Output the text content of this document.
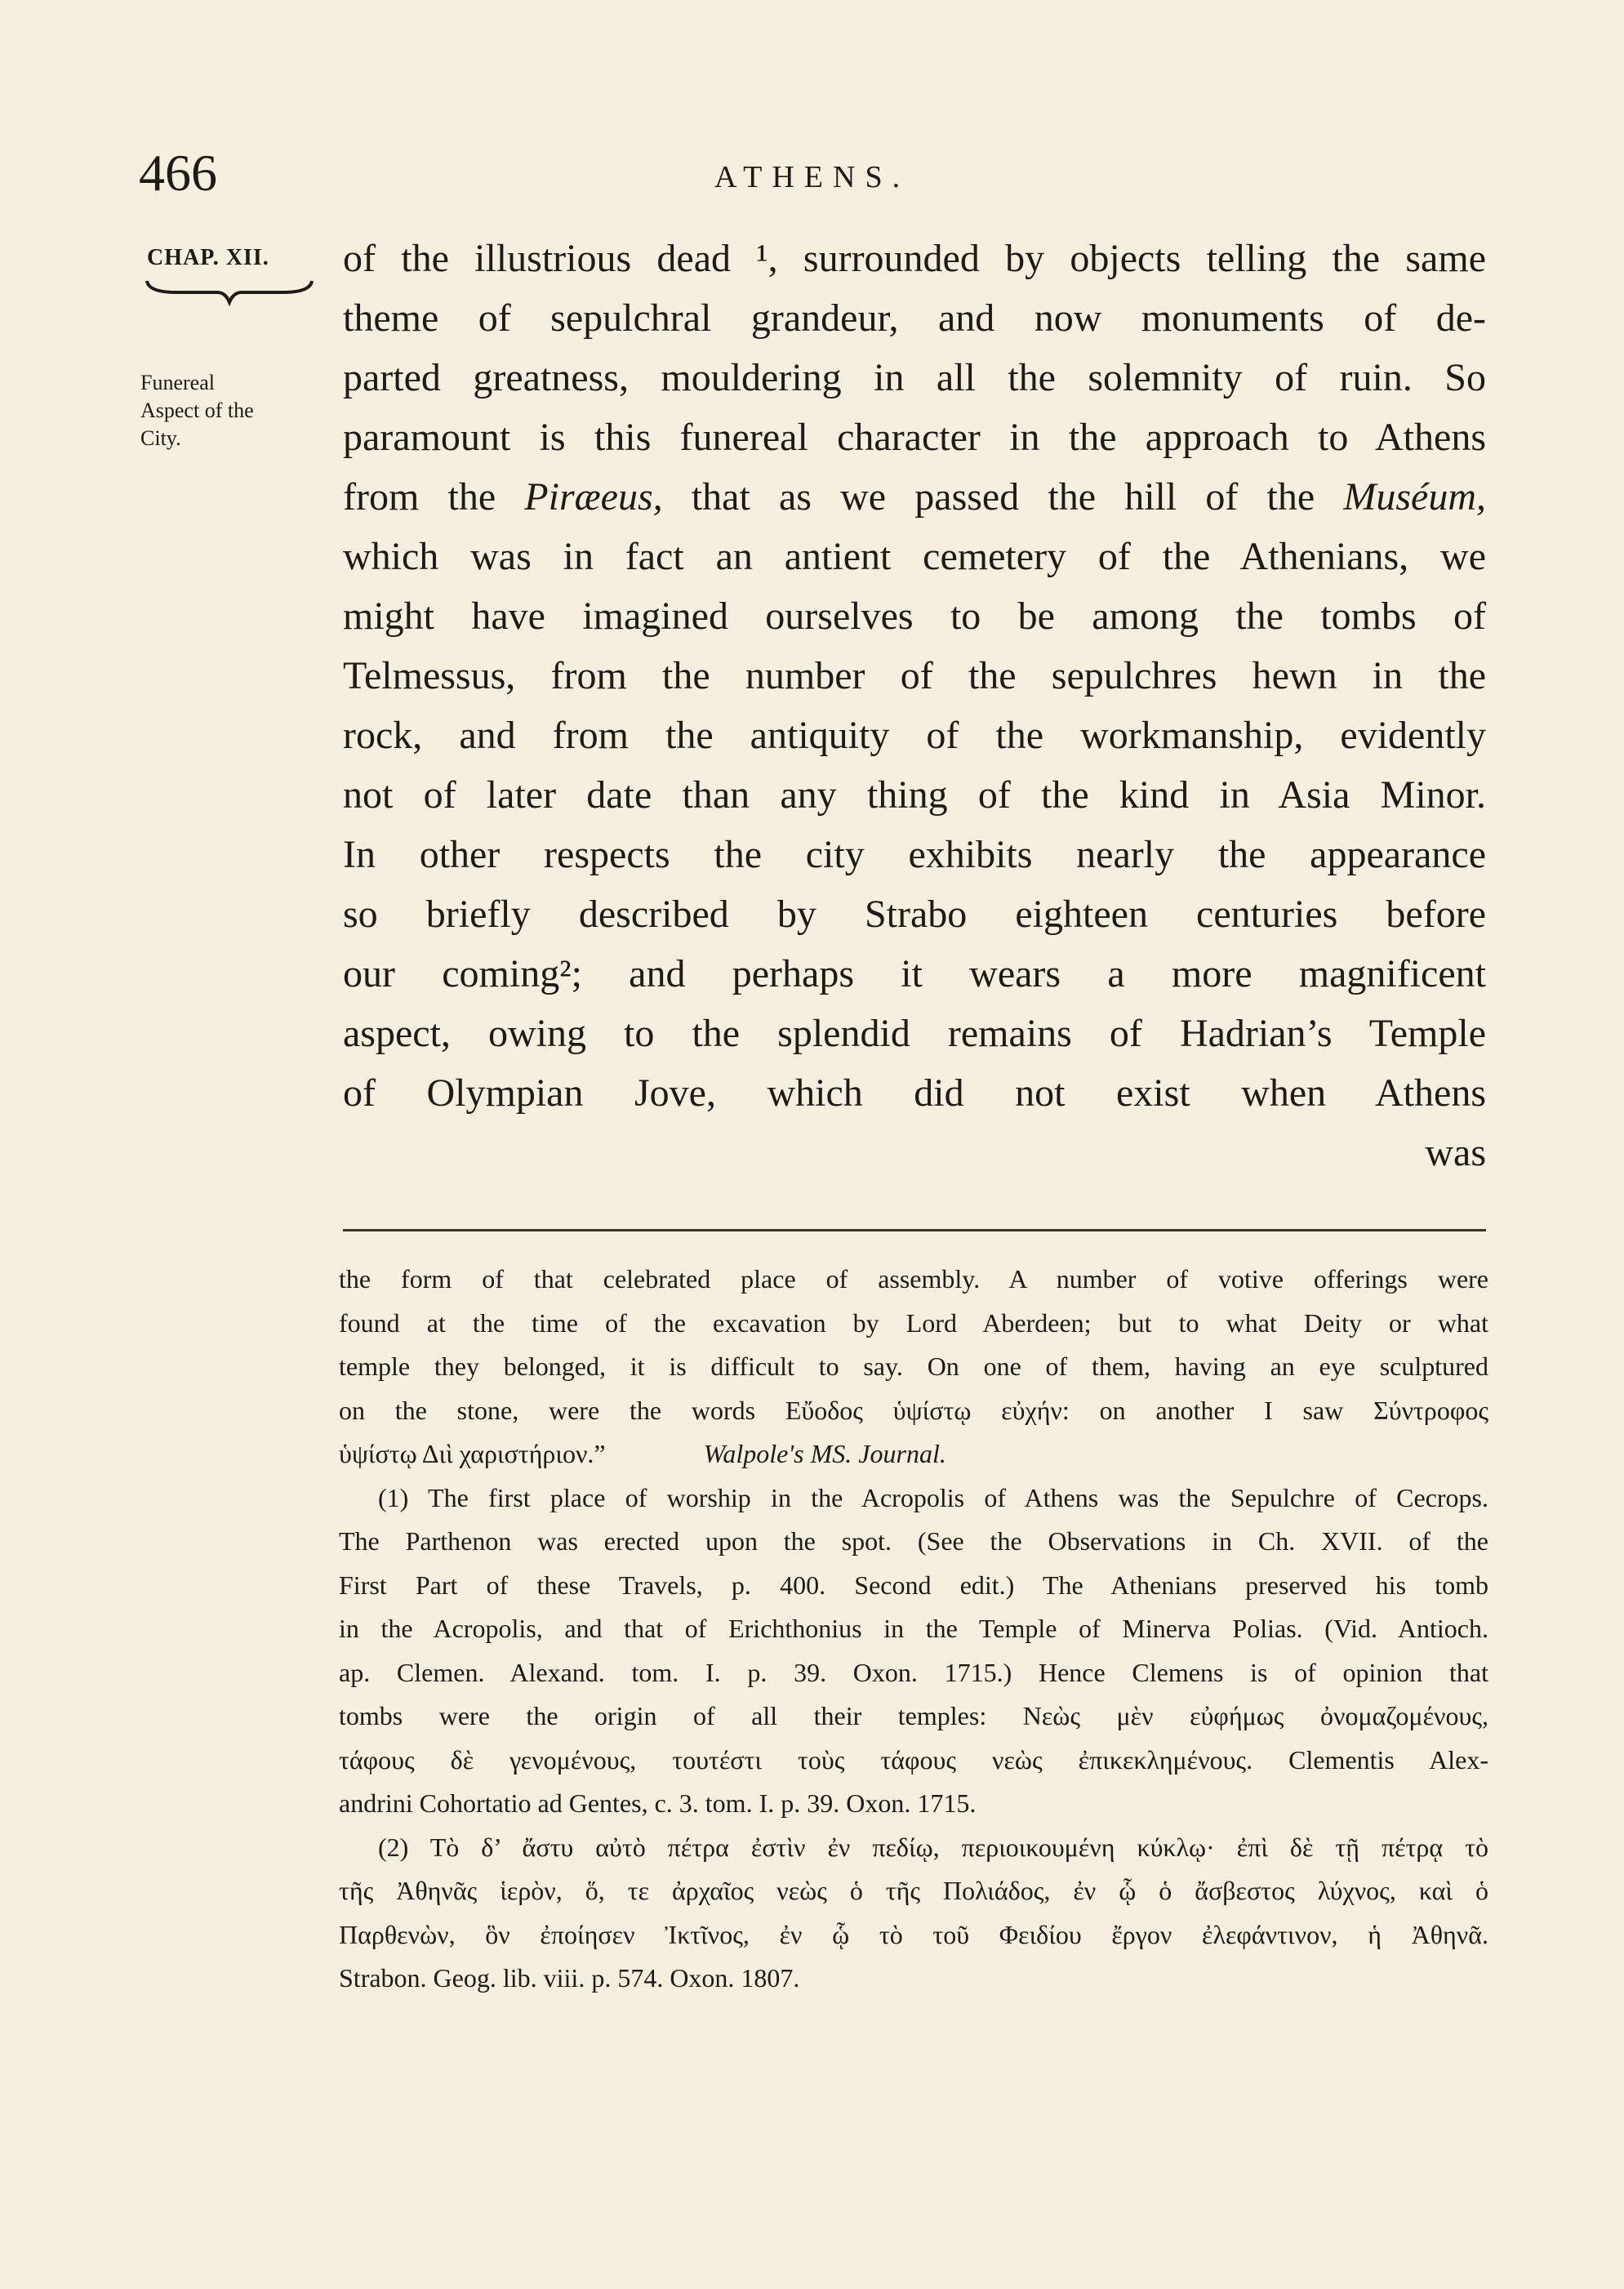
466	ATHENS.
CHAP. XII.
Funereal
Aspect of the
City.
of the illustrious dead ¹, surrounded by objects telling the same
theme of sepulchral grandeur, and now monuments of de-
parted greatness, mouldering in all the solemnity of ruin. So
paramount is this funereal character in the approach to Athens
from the Piræeus, that as we passed the hill of the Muséum,
which was in fact an antient cemetery of the Athenians, we
might have imagined ourselves to be among the tombs of
Telmessus, from the number of the sepulchres hewn in the
rock, and from the antiquity of the workmanship, evidently
not of later date than any thing of the kind in Asia Minor.
In other respects the city exhibits nearly the appearance
so briefly described by Strabo eighteen centuries before
our coming²; and perhaps it wears a more magnificent
aspect, owing to the splendid remains of Hadrian’s Temple
of Olympian Jove, which did not exist when Athens
was
the form of that celebrated place of assembly. A number of votive offerings were
found at the time of the excavation by Lord Aberdeen; but to what Deity or what
temple they belonged, it is difficult to say. On one of them, having an eye sculptured
on the stone, were the words Εὔοδος ὑψίστῳ εὐχήν: on another I saw Σύντροφος
ὑψίστῳ Διὶ χαριστήριον.”	Walpole's MS. Journal.
(1) The first place of worship in the Acropolis of Athens was the Sepulchre of Cecrops.
The Parthenon was erected upon the spot. (See the Observations in Ch. XVII. of the
First Part of these Travels, p. 400. Second edit.) The Athenians preserved his tomb
in the Acropolis, and that of Erichthonius in the Temple of Minerva Polias. (Vid. Antioch.
ap. Clemen. Alexand. tom. I. p. 39. Oxon. 1715.) Hence Clemens is of opinion that
tombs were the origin of all their temples: Νεὼς μὲν εὐφήμως ὀνομαζομένους,
τάφους δὲ γενομένους, τουτέστι τοὺς τάφους νεὼς ἐπικεκλημένους. Clementis Alex-
andrini Cohortatio ad Gentes, c. 3. tom. I. p. 39. Oxon. 1715.
(2) Τὸ δ’ ἄστυ αὐτὸ πέτρα ἐστὶν ἐν πεδίῳ, περιοικουμένη κύκλῳ· ἐπὶ δὲ τῇ πέτρᾳ τὸ
τῆς Ἀθηνᾶς ἱερὸν, ὅ, τε ἀρχαῖος νεὼς ὁ τῆς Πολιάδος, ἐν ᾧ ὁ ἄσβεστος λύχνος, καὶ ὁ
Παρθενὼν, ὃν ἐποίησεν Ἰκτῖνος, ἐν ᾧ τὸ τοῦ Φειδίου ἔργον ἐλεφάντινον, ἡ Ἀθηνᾶ.
Strabon. Geog. lib. viii. p. 574. Oxon. 1807.
